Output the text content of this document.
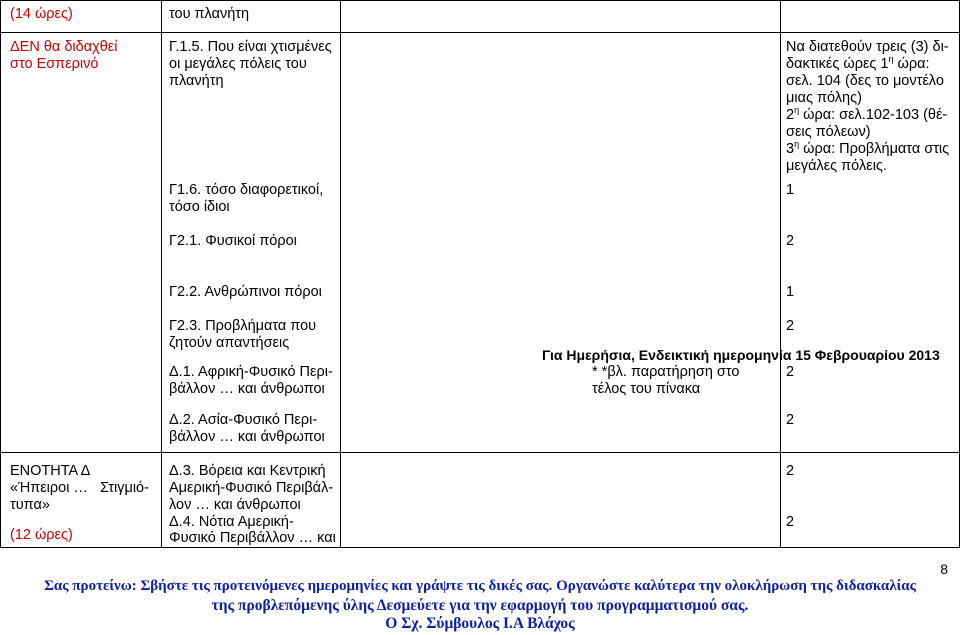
(14 ώρες)
ΔΕΝ θα διδαχθεί
στο Εσπερινό
ΕΝΟΤΗΤΑ Δ
«Ήπειροι … Στιγμιό-
τυπα»
(12 ώρες)
του πλανήτη
Γ.1.5. Που είναι χτισμένες
οι μεγάλες πόλεις του
πλανήτη
Γ1.6. τόσο διαφορετικοί,
τόσο ίδιοι
Γ2.1. Φυσικοί πόροι
Γ2.2. Ανθρώπινοι πόροι
Γ2.3. Προβλήματα που
ζητούν απαντήσεις
Δ.1. Αφρική-Φυσικό Περι-
βάλλον … και άνθρωποι
Δ.2. Ασία-Φυσικό Περι-
βάλλον … και άνθρωποι
Δ.3. Βόρεια και Κεντρική
Αμερική-Φυσικό Περιβάλ-
λον … και άνθρωποι
Δ.4. Νότια Αμερική-
Φυσικό Περιβάλλον … και
1
2
1
2
2
2
2
2
Να διατεθούν τρεις (3) δι-
δακτικές ώρες $1^\eta$ ώρα:
σελ. 104 (δες το μοντέλο
μιας πόλης)
$2^\eta$ ώρα: σελ.102-103 (θέ-
σεις πόλεων)
$3^\eta$ ώρα: Προβλήματα στις
μεγάλες πόλεις.
* *βλ. παρατήρηση στο
τέλος του πίνακα
Για Ημερήσια, Ενδεικτική ημερομηνία 15 Φεβρουαρίου 2013
8
Σας προτείνω: Σβήστε τις προτεινόμενες ημερομηνίες και γράψτε τις δικές σας. Οργανώστε καλύτερα την ολοκλήρωση της διδασκαλίας
της προβλεπόμενης ύλης Δεσμεύετε για την εφαρμογή του προγραμματισμού σας.
Ο Σχ. Σύμβουλος Ι.Α Βλάχος
